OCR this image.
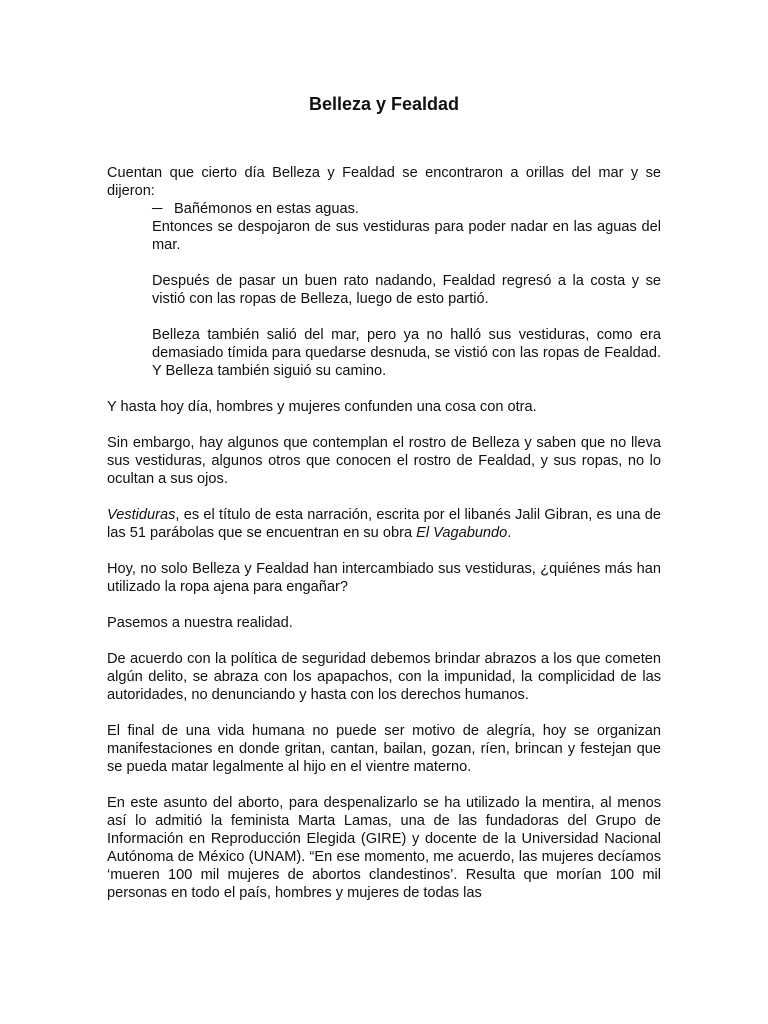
Belleza y Fealdad

Cuentan que cierto día Belleza y Fealdad se encontraron a orillas del mar y se dijeron:

─ Bañémonos en estas aguas.

Entonces se despojaron de sus vestiduras para poder nadar en las aguas del mar.

Después de pasar un buen rato nadando, Fealdad regresó a la costa y se vistió con las ropas de Belleza, luego de esto partió.

Belleza también salió del mar, pero ya no halló sus vestiduras, como era demasiado tímida para quedarse desnuda, se vistió con las ropas de Fealdad. Y Belleza también siguió su camino.

Y hasta hoy día, hombres y mujeres confunden una cosa con otra.

Sin embargo, hay algunos que contemplan el rostro de Belleza y saben que no lleva sus vestiduras, algunos otros que conocen el rostro de Fealdad, y sus ropas, no lo ocultan a sus ojos.

Vestiduras, es el título de esta narración, escrita por el libanés Jalil Gibran, es una de las 51 parábolas que se encuentran en su obra El Vagabundo.

Hoy, no solo Belleza y Fealdad han intercambiado sus vestiduras, ¿quiénes más han utilizado la ropa ajena para engañar?

Pasemos a nuestra realidad.

De acuerdo con la política de seguridad debemos brindar abrazos a los que cometen algún delito, se abraza con los apapachos, con la impunidad, la complicidad de las autoridades, no denunciando y hasta con los derechos humanos.

El final de una vida humana no puede ser motivo de alegría, hoy se organizan manifestaciones en donde gritan, cantan, bailan, gozan, ríen, brincan y festejan que se pueda matar legalmente al hijo en el vientre materno.

En este asunto del aborto, para despenalizarlo se ha utilizado la mentira, al menos así lo admitió la feminista Marta Lamas, una de las fundadoras del Grupo de Información en Reproducción Elegida (GIRE) y docente de la Universidad Nacional Autónoma de México (UNAM). “En ese momento, me acuerdo, las mujeres decíamos ‘mueren 100 mil mujeres de abortos clandestinos’. Resulta que morían 100 mil personas en todo el país, hombres y mujeres de todas las
